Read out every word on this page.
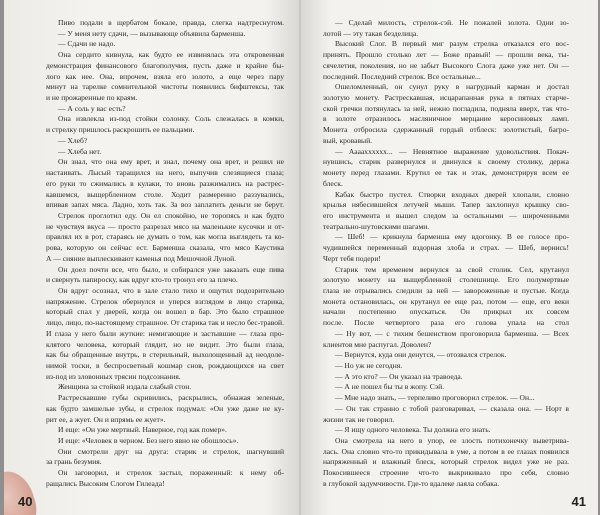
Пиво подали в щербатом бокале, правда, слегка надтреснутом.
— У меня нету сдачи, — вызывающе объявила барменша.
— Сдачи не надо.
Она сердито кивнула, как будто ее извинялась эта откровенная
демонстрация финансового благополучия, пусть даже и крайне бы-
лого как нее. Она, впрочем, взяла его золото, а еще через пару
минут на тарелке сомнительной чистоты появились бифштексы, так
и не прожаренные по краям.
— А соль у вас есть?
Она извлекла из-под стойки солонку. Соль слежалась в комки,
и стрелку пришлось раскрошить ее пальцами.
— Хлеб?
— Хлеба нет.
Он знал, что она ему врет, и знал, почему она врет, и решил не
настаивать. Лысый таращился на него, выпучив слезящиеся глаза;
его руки то сжимались в кулаки, то вновь разжимались на растрес-
кавшемся, выщербленном столе. Ходит размеренно раззувались,
впивая запах мяса. Ладно, хоть так. За воз заплатить деньги не берут.
Стрелок проглотил еду. Он ел спокойно, не торопясь и как будто
не чувствуя вкуса — просто разрезал мясо на маленькие кусочки и от-
правлял их в рот, стараясь не думать о том, как могла выглядеть та ко-
рова, которую он сейчас ест. Барменша сказала, что мясо Каустика
А — сияние выплескивают каменья под Мешочной Луной.
Он доел почти все, что было, и собирался уже заказать еще пива
и свернуть папироску, как вдруг кто-то тронул его за плечо.
Он вдруг осознал, что в зале стало тихо и ощутил подозрительно
напряжение. Стрелок обернулся и уперся взглядом в лицо старика,
который спал у дверей, когда он вошел в бар. Это было страшное
лицо, лицо, по-настоящему страшное. От старика так и несло бес-травой.
И глаза у него были жуткие: немигающие и застывшие — глаза про-
клятого человека, который глядит, но не видит. Это были глаза,
как бы обращенные внутрь, в стерильный, выхолощенный ад неодоле-
нимой тоски, в беспросветный кошмар снов, рождающихся на свет
из-под из зловонных трясин подсознания.
Женщина за стойкой издала слабый стон.
Растрескавшие губы скривились, раскрылись, обнажая зеленые,
как будто замшелые зубы, и стрелок подумал: «Он уже даже не ку-
рит ее, а жует. Он и впрямь ее жует».
И еще: «Он уже мертвый. Наверное, год как помер».
И еще: «Человек в черном. Без него явно не обошлось».
Они смотрели друг на друга: старик и стрелок, шагнувший
за грань безумия.
Он заговорил, и стрелок застыл, пораженный: к нему об-
ращались Высоким Слогом Гилеада!
40
— Сделай милость, стрелок-сэй. Не пожалей золота. Одни зо-
лотой — эту такая безделица.
Высокий Слог. В первый миг разум стрелка отказался его вос-
принять. Прошло столько лет — Боже правый! — прошли века, ты-
сячелетия, поколения, но не забыт Высокого Слога даже уже нет. Он —
последний. Последний стрелок. Все остальные...
Ошеломленный, он сунул руку в нагрудный карман и достал
золотую монету. Растрескавшая, исцарапанная рука в пятнах старче-
ской гречки потянулась за ней, нежно погладила, подняла вверх, так что-
в золоте отразилось масляничное мерцание керосиновых ламп.
Монета отбросила сдержанный гордый отблеск: золотистый, багро-
вый, кровавый.
— Аааахххххх... — Невнятное выражение удовольствия. Покач-
нувшись, старик развернулся и двинулся к своему столику, держа
монету перед глазами. Крутил ее так и этак, демонстрируя всем ее
блеск.
Кабак быстро пустел. Створки входных дверей хлопали, словно
крылья нябесившейся летучей мыши. Тапер захлопнул крышку сво-
его инструмента и вышел следом за остальными — широченными
театрально-шутовскими шагами.
— Шеб! — крикнула барменша ему вдогонку. В ее голосе про-
чудившейся переменный вздорная злоба и страх. — Шеб, вернись!
Черт тебя подери!
Старик тем временем вернулся за свой столик. Сел, крутанул
золотую монету на выщербленной столешнице. Его полумертвые
глаза не отрывались следили за ней — завороженные и пустые. Когда
монета остановилась, он крутанул ее еще раз, потом — еще, его веки
начали постепенно опускаться. Он прикрыл их совсем
после. После четвертого раза его голова упала на стол
— Ну вот, — с тихим бешенством проговорила барменша. — Всех
клиентов мне распугал. Доволен?
— Вернутся, куда они денутся, — отозвался стрелок.
— Но уж не сегодня.
— А это кто? — Он указал на травоеда.
— А не пошел бы ты в жопу. Сэй.
— Мне надо знать, — терпеливо проговорил стрелок. — Он...
— Он так странно с тобой разговаривал, — сказала она. — Норт в
жизни так не говорил.
— Я ищу одного человека. Ты должна его знать.
Она смотрела на него в упор, ее злость потихонечку выветрива-
лась. Она словно что-то прикидывала в уме, а потом в ее глазах появился
напряженный и влажный блеск, который стрелок видел уже не раз.
Покосившееся строение что-то выкрикивало про себя, словно
в глубокой задумчивости. Где-то вдалеке лаяла собака.
41
